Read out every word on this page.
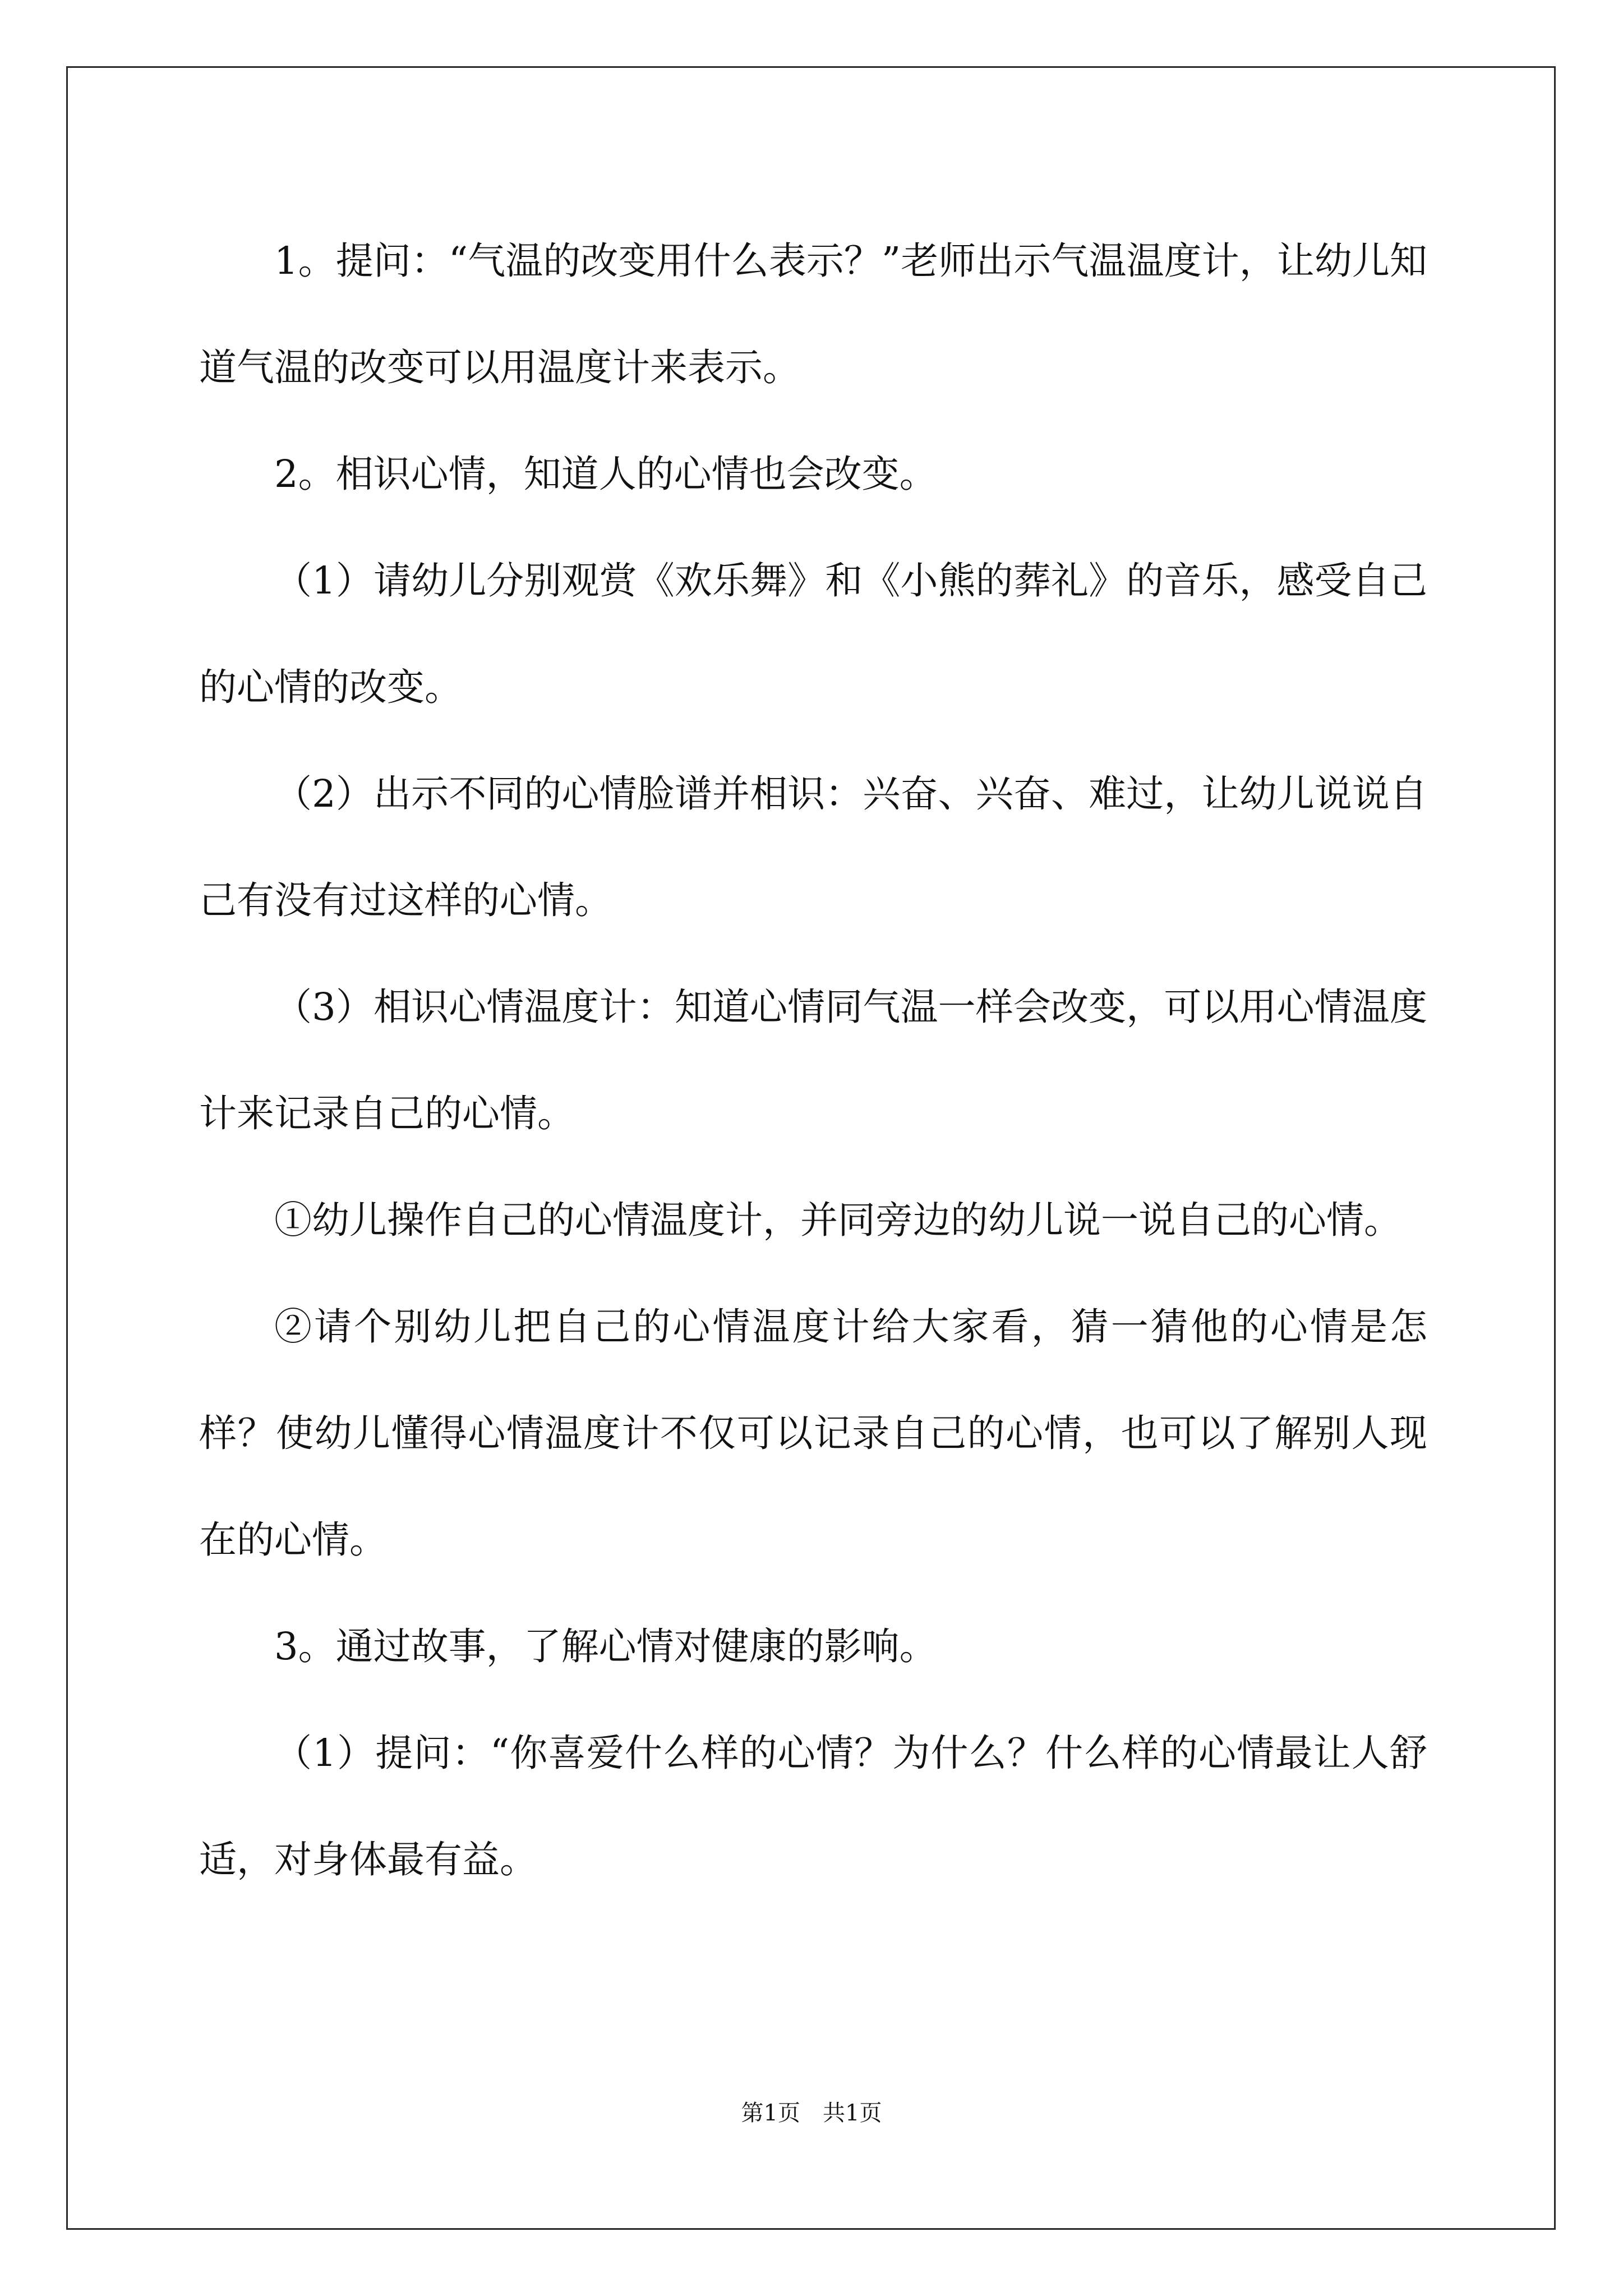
1。提问：“气温的改变用什么表示？”老师出示气温温度计，让幼儿知道气温的改变可以用温度计来表示。

2。相识心情，知道人的心情也会改变。

（1）请幼儿分别观赏《欢乐舞》和《小熊的葬礼》的音乐，感受自己的心情的改变。

（2）出示不同的心情脸谱并相识：兴奋、兴奋、难过，让幼儿说说自己有没有过这样的心情。

（3）相识心情温度计：知道心情同气温一样会改变，可以用心情温度计来记录自己的心情。

①幼儿操作自己的心情温度计，并同旁边的幼儿说一说自己的心情。

②请个别幼儿把自己的心情温度计给大家看，猜一猜他的心情是怎样？使幼儿懂得心情温度计不仅可以记录自己的心情，也可以了解别人现在的心情。

3。通过故事，了解心情对健康的影响。

（1）提问：“你喜爱什么样的心情？为什么？什么样的心情最让人舒适，对身体最有益。

第1页　共1页
